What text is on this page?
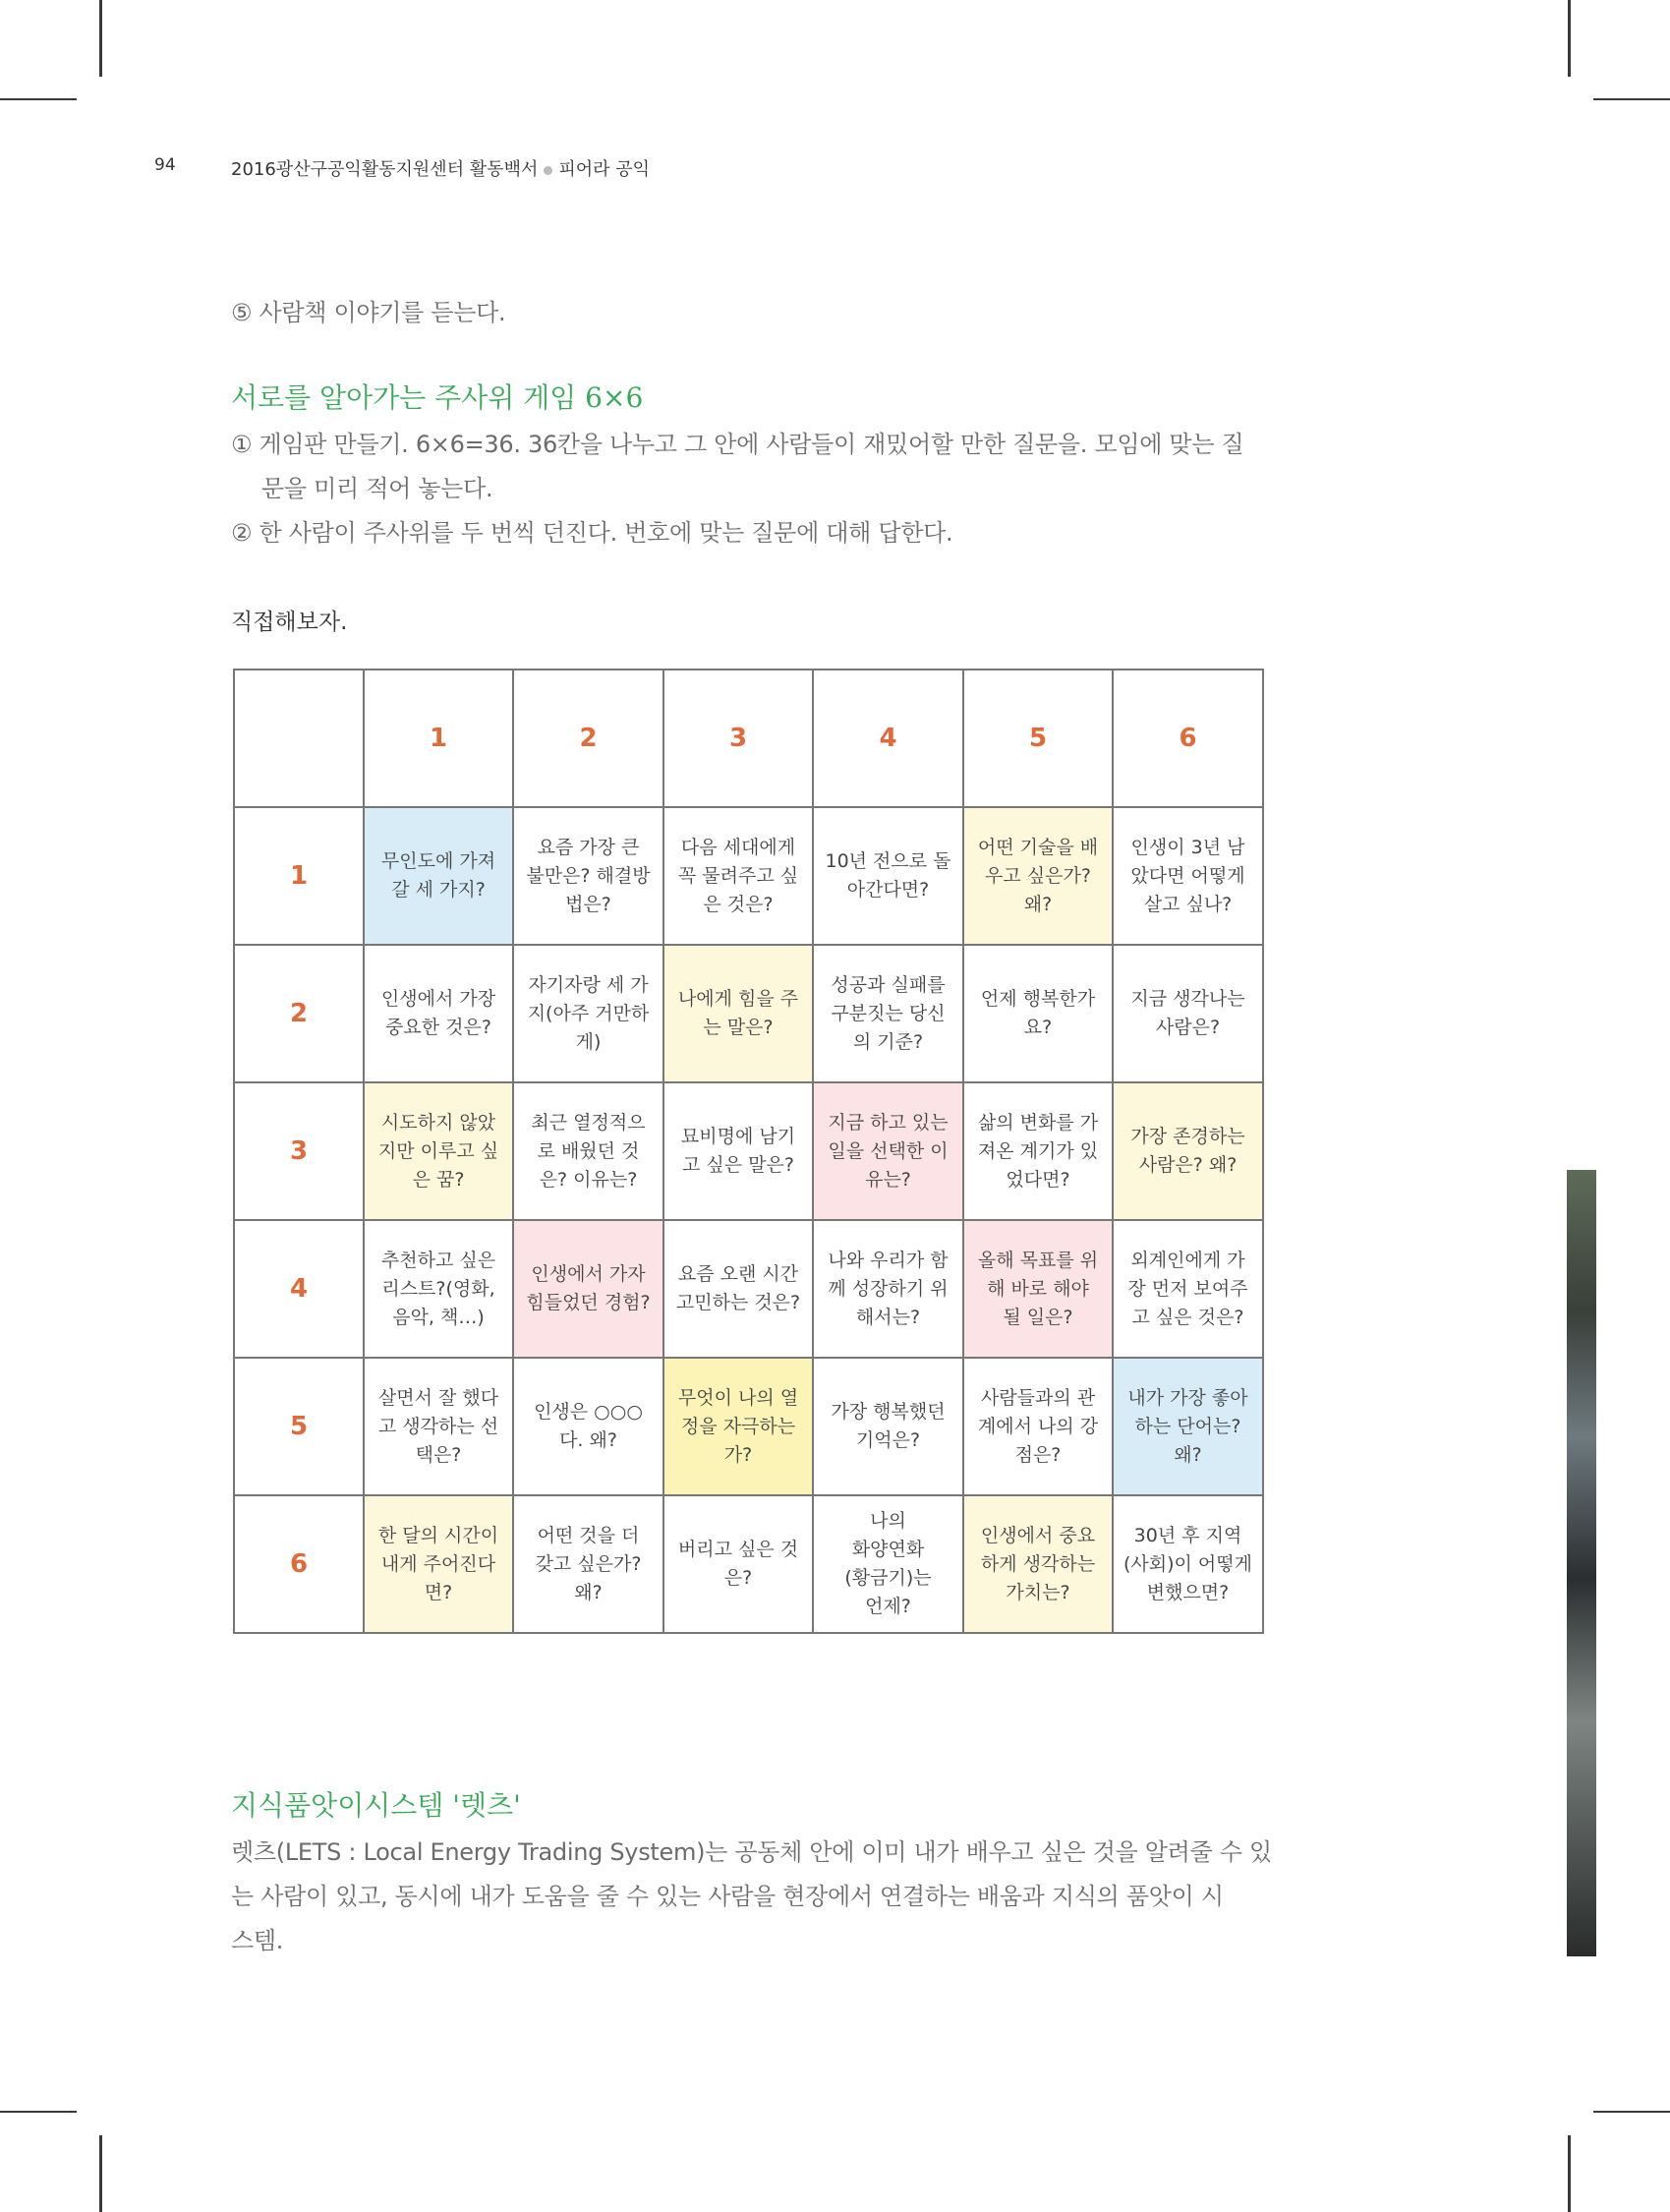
94	2016광산구공익활동지원센터 활동백서 피어라 공익
⑤ 사람책 이야기를 듣는다.
서로를 알아가는 주사위 게임 6×6
① 게임판 만들기. 6×6=36. 36칸을 나누고 그 안에 사람들이 재밌어할 만한 질문을. 모임에 맞는 질
문을 미리 적어 놓는다.
② 한 사람이 주사위를 두 번씩 던진다. 번호에 맞는 질문에 대해 답한다.
직접해보자.
	1	2	3	4	5	6
1	무인도에 가져
갈 세 가지?	요즘 가장 큰
불만은? 해결방
법은?	다음 세대에게
꼭 물려주고 싶
은 것은?	10년 전으로 돌
아간다면?	어떤 기술을 배
우고 싶은가?
왜?	인생이 3년 남
았다면 어떻게
살고 싶나?
2	인생에서 가장
중요한 것은?	자기자랑 세 가
지(아주 거만하
게)	나에게 힘을 주
는 말은?	성공과 실패를
구분짓는 당신
의 기준?	언제 행복한가
요?	지금 생각나는
사람은?
3	시도하지 않았
지만 이루고 싶
은 꿈?	최근 열정적으
로 배웠던 것
은? 이유는?	묘비명에 남기
고 싶은 말은?	지금 하고 있는
일을 선택한 이
유는?	삶의 변화를 가
져온 계기가 있
었다면?	가장 존경하는
사람은? 왜?
4	추천하고 싶은
리스트?(영화,
음악, 책…)	인생에서 가자
힘들었던 경험?	요즘 오랜 시간
고민하는 것은?	나와 우리가 함
께 성장하기 위
해서는?	올해 목표를 위
해 바로 해야
될 일은?	외계인에게 가
장 먼저 보여주
고 싶은 것은?
5	살면서 잘 했다
고 생각하는 선
택은?	인생은 ○○○
다. 왜?	무엇이 나의 열
정을 자극하는
가?	가장 행복했던
기억은?	사람들과의 관
계에서 나의 강
점은?	내가 가장 좋아
하는 단어는?
왜?
6	한 달의 시간이
내게 주어진다
면?	어떤 것을 더
갖고 싶은가?
왜?	버리고 싶은 것
은?	나의
화양연화
(황금기)는
언제?	인생에서 중요
하게 생각하는
가치는?	30년 후 지역
(사회)이 어떻게
변했으면?
지식품앗이시스템 '렛츠'
렛츠(LETS : Local Energy Trading System)는 공동체 안에 이미 내가 배우고 싶은 것을 알려줄 수 있
는 사람이 있고, 동시에 내가 도움을 줄 수 있는 사람을 현장에서 연결하는 배움과 지식의 품앗이 시
스템.
